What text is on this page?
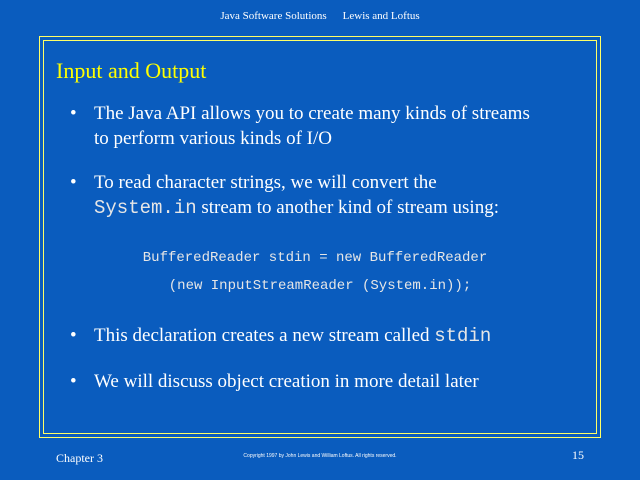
Java Software Solutions Lewis and Loftus
Input and Output
• The Java API allows you to create many kinds of streams
to perform various kinds of I/O
• To read character strings, we will convert the
System.in stream to another kind of stream using:
BufferedReader stdin = new BufferedReader
(new InputStreamReader (System.in));
• This declaration creates a new stream called stdin
• We will discuss object creation in more detail later
Chapter 3	Copyright 1997 by John Lewis and William Loftus. All rights reserved.	15
